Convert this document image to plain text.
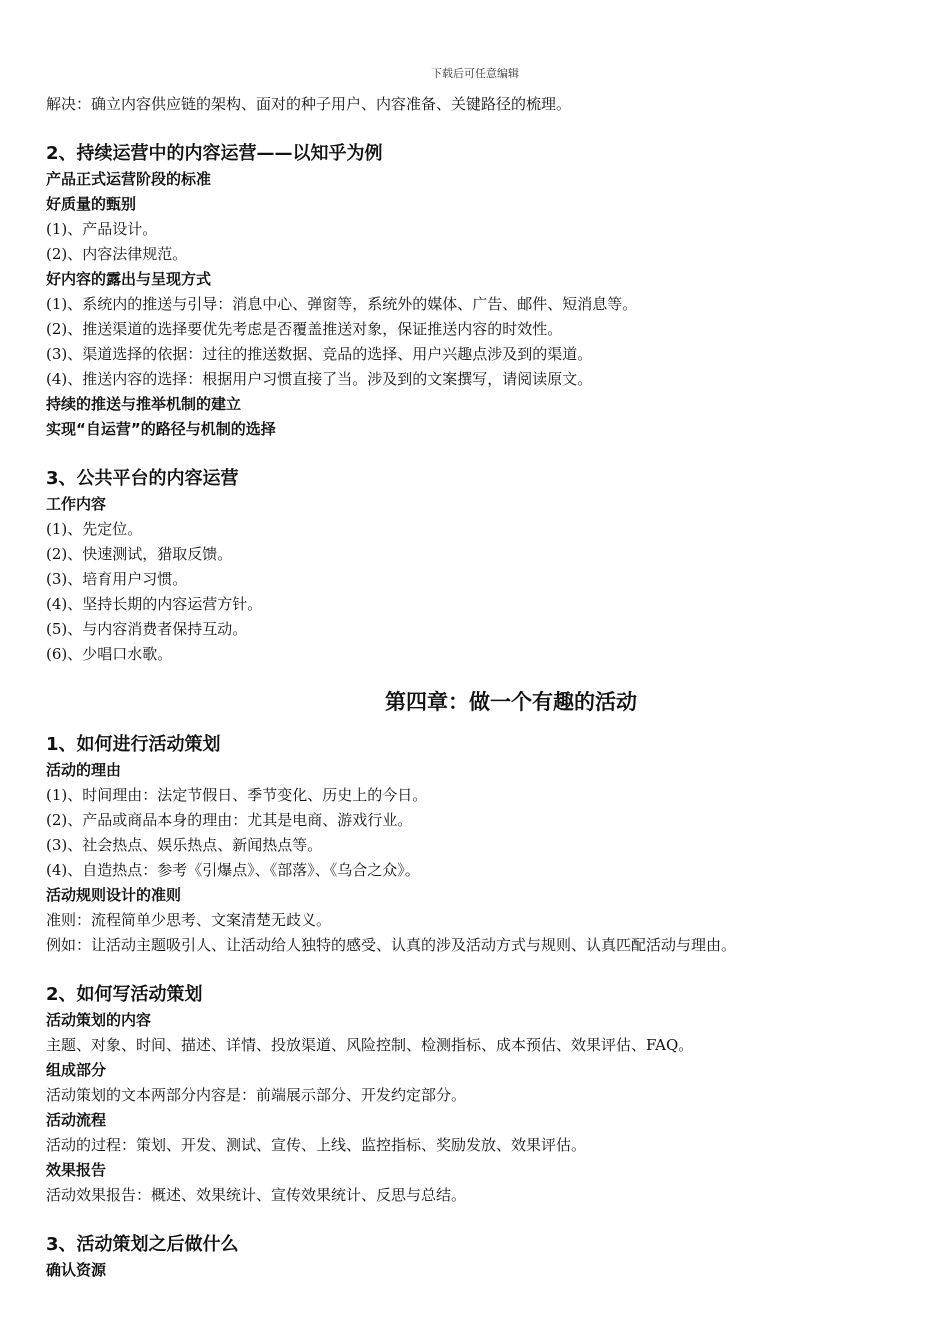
下载后可任意编辑
解决：确立内容供应链的架构、面对的种子用户、内容准备、关键路径的梳理。
2、持续运营中的内容运营——以知乎为例
产品正式运营阶段的标准
好质量的甄别
(1)、产品设计。
(2)、内容法律规范。
好内容的露出与呈现方式
(1)、系统内的推送与引导：消息中心、弹窗等，系统外的媒体、广告、邮件、短消息等。
(2)、推送渠道的选择要优先考虑是否覆盖推送对象，保证推送内容的时效性。
(3)、渠道选择的依据：过往的推送数据、竞品的选择、用户兴趣点涉及到的渠道。
(4)、推送内容的选择：根据用户习惯直接了当。涉及到的文案撰写，请阅读原文。
持续的推送与推举机制的建立
实现“自运营”的路径与机制的选择
3、公共平台的内容运营
工作内容
(1)、先定位。
(2)、快速测试，猎取反馈。
(3)、培育用户习惯。
(4)、坚持长期的内容运营方针。
(5)、与内容消费者保持互动。
(6)、少唱口水歌。
第四章：做一个有趣的活动
1、如何进行活动策划
活动的理由
(1)、时间理由：法定节假日、季节变化、历史上的今日。
(2)、产品或商品本身的理由：尤其是电商、游戏行业。
(3)、社会热点、娱乐热点、新闻热点等。
(4)、自造热点：参考《引爆点》、《部落》、《乌合之众》。
活动规则设计的准则
准则：流程简单少思考、文案清楚无歧义。
例如：让活动主题吸引人、让活动给人独特的感受、认真的涉及活动方式与规则、认真匹配活动与理由。
2、如何写活动策划
活动策划的内容
主题、对象、时间、描述、详情、投放渠道、风险控制、检测指标、成本预估、效果评估、FAQ。
组成部分
活动策划的文本两部分内容是：前端展示部分、开发约定部分。
活动流程
活动的过程：策划、开发、测试、宣传、上线、监控指标、奖励发放、效果评估。
效果报告
活动效果报告：概述、效果统计、宣传效果统计、反思与总结。
3、活动策划之后做什么
确认资源
